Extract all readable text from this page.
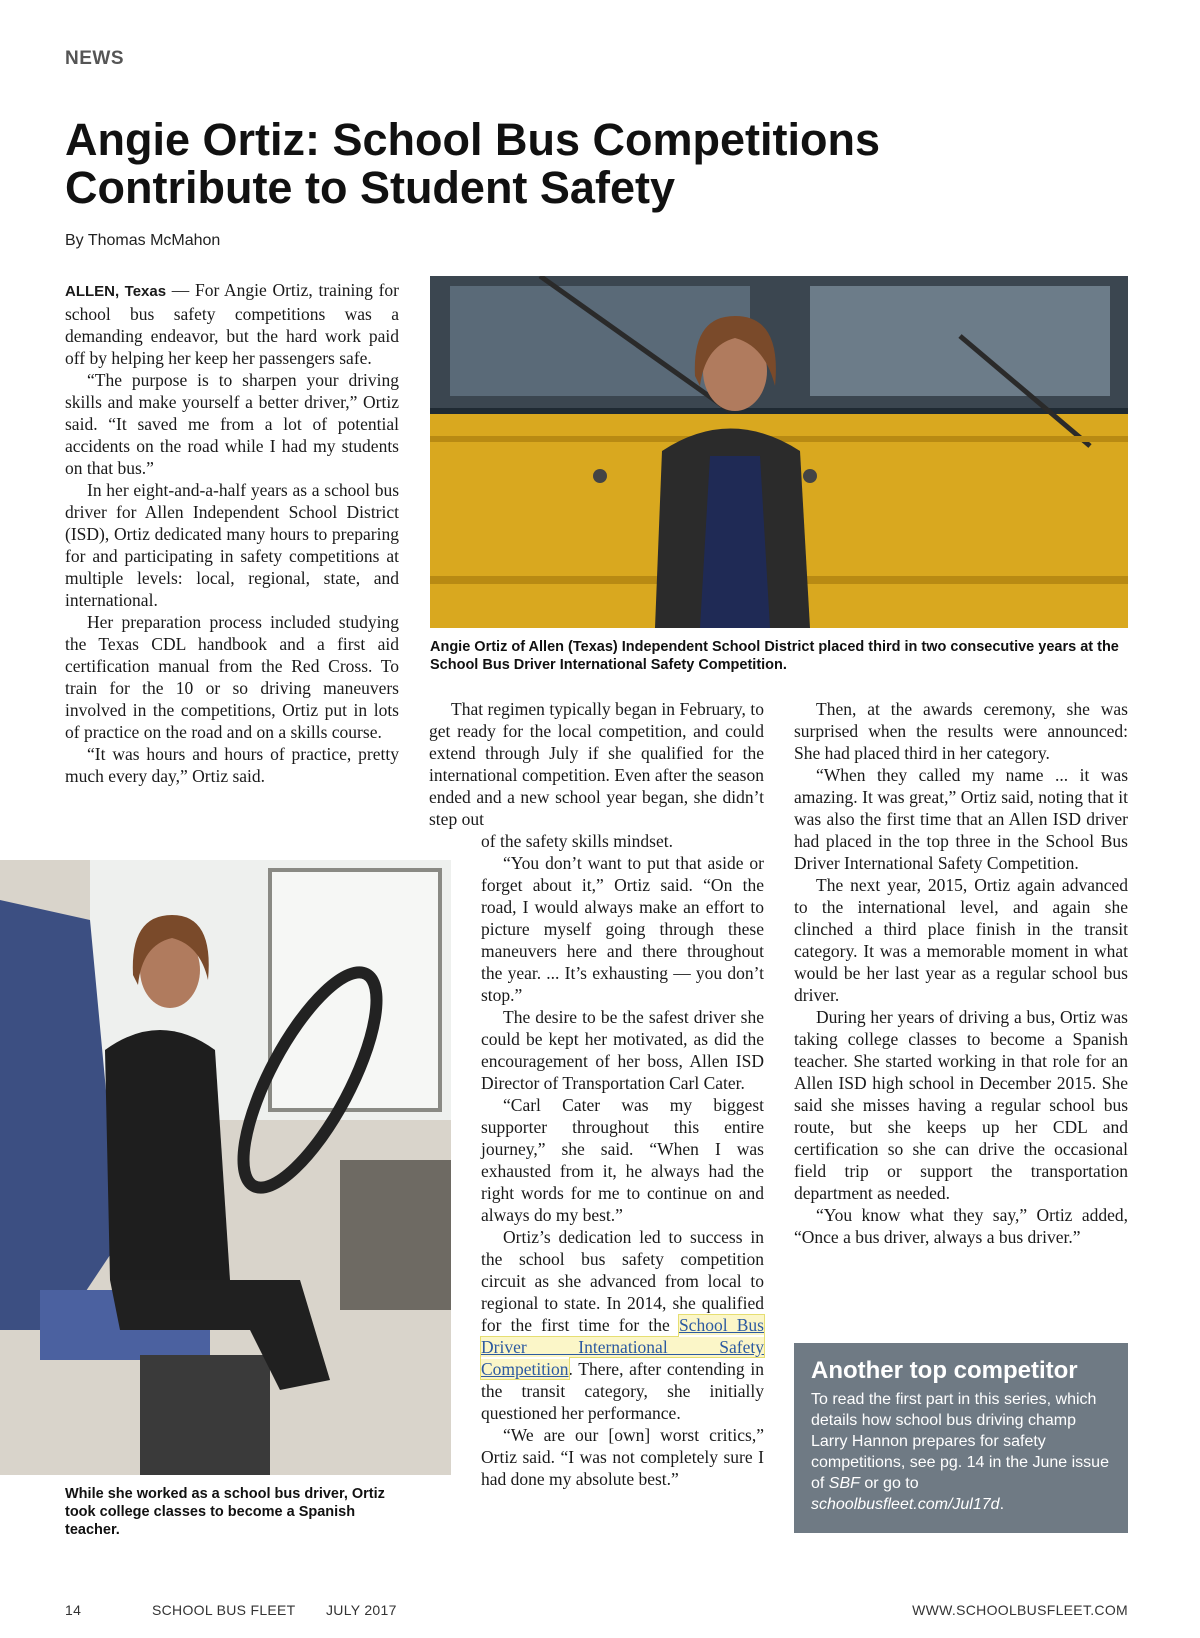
NEWS
Angie Ortiz: School Bus Competitions Contribute to Student Safety
By Thomas McMahon

ALLEN, Texas — For Angie Ortiz, training for school bus safety competitions was a demanding endeavor, but the hard work paid off by helping her keep her passengers safe.

“The purpose is to sharpen your driving skills and make yourself a better driver,” Ortiz said. “It saved me from a lot of potential accidents on the road while I had my students on that bus.”

In her eight-and-a-half years as a school bus driver for Allen Independent School District (ISD), Ortiz dedicated many hours to preparing for and participating in safety competitions at multiple levels: local, regional, state, and international.

Her preparation process included studying the Texas CDL handbook and a first aid certification manual from the Red Cross. To train for the 10 or so driving maneuvers involved in the competitions, Ortiz put in lots of practice on the road and on a skills course.

“It was hours and hours of practice, pretty much every day,” Ortiz said.

Angie Ortiz of Allen (Texas) Independent School District placed third in two consecutive years at the School Bus Driver International Safety Competition.
While she worked as a school bus driver, Ortiz took college classes to become a Spanish teacher.

That regimen typically began in February, to get ready for the local competition, and could extend through July if she qualified for the international competition. Even after the season ended and a new school year began, she didn’t step out

of the safety skills mindset.

“You don’t want to put that aside or forget about it,” Ortiz said. “On the road, I would always make an effort to picture myself going through these maneuvers here and there throughout the year. ... It’s exhausting — you don’t stop.”

The desire to be the safest driver she could be kept her motivated, as did the encouragement of her boss, Allen ISD Director of Transportation Carl Cater.

“Carl Cater was my biggest supporter throughout this entire journey,” she said. “When I was exhausted from it, he always had the right words for me to continue on and always do my best.”

Ortiz’s dedication led to success in the school bus safety competition circuit as she advanced from local to regional to state. In 2014, she qualified for the first time for the School Bus Driver International Safety Competition. There, after contending in the transit category, she initially questioned her performance.

“We are our [own] worst critics,” Ortiz said. “I was not completely sure I had done my absolute best.”

Then, at the awards ceremony, she was surprised when the results were announced: She had placed third in her category.

“When they called my name ... it was amazing. It was great,” Ortiz said, noting that it was also the first time that an Allen ISD driver had placed in the top three in the School Bus Driver International Safety Competition.

The next year, 2015, Ortiz again advanced to the international level, and again she clinched a third place finish in the transit category. It was a memorable moment in what would be her last year as a regular school bus driver.

During her years of driving a bus, Ortiz was taking college classes to become a Spanish teacher. She started working in that role for an Allen ISD high school in December 2015. She said she misses having a regular school bus route, but she keeps up her CDL and certification so she can drive the occasional field trip or support the transportation department as needed.

“You know what they say,” Ortiz added, “Once a bus driver, always a bus driver.”

Another top competitor
To read the first part in this series, which details how school bus driving champ Larry Hannon prepares for safety competitions, see pg. 14 in the June issue of SBF or go to schoolbusfleet.com/Jul17d.
14	SCHOOL BUS FLEET JULY 2017	WWW.SCHOOLBUSFLEET.COM
